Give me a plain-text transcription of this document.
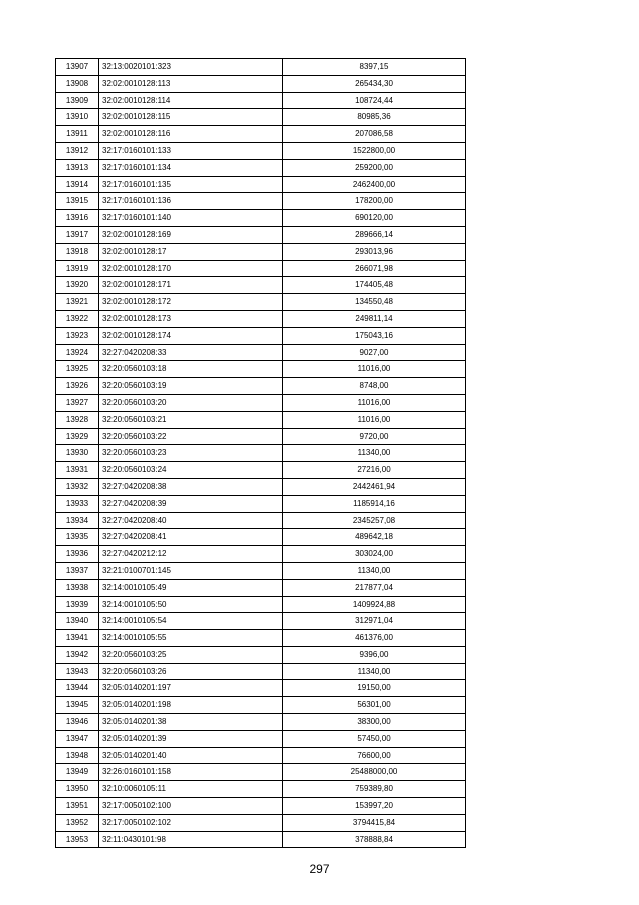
13907	32:13:0020101:323	8397,15
13908	32:02:0010128:113	265434,30
13909	32:02:0010128:114	108724,44
13910	32:02:0010128:115	80985,36
13911	32:02:0010128:116	207086,58
13912	32:17:0160101:133	1522800,00
13913	32:17:0160101:134	259200,00
13914	32:17:0160101:135	2462400,00
13915	32:17:0160101:136	178200,00
13916	32:17:0160101:140	690120,00
13917	32:02:0010128:169	289666,14
13918	32:02:0010128:17	293013,96
13919	32:02:0010128:170	266071,98
13920	32:02:0010128:171	174405,48
13921	32:02:0010128:172	134550,48
13922	32:02:0010128:173	249811,14
13923	32:02:0010128:174	175043,16
13924	32:27:0420208:33	9027,00
13925	32:20:0560103:18	11016,00
13926	32:20:0560103:19	8748,00
13927	32:20:0560103:20	11016,00
13928	32:20:0560103:21	11016,00
13929	32:20:0560103:22	9720,00
13930	32:20:0560103:23	11340,00
13931	32:20:0560103:24	27216,00
13932	32:27:0420208:38	2442461,94
13933	32:27:0420208:39	1185914,16
13934	32:27:0420208:40	2345257,08
13935	32:27:0420208:41	489642,18
13936	32:27:0420212:12	303024,00
13937	32:21:0100701:145	11340,00
13938	32:14:0010105:49	217877,04
13939	32:14:0010105:50	1409924,88
13940	32:14:0010105:54	312971,04
13941	32:14:0010105:55	461376,00
13942	32:20:0560103:25	9396,00
13943	32:20:0560103:26	11340,00
13944	32:05:0140201:197	19150,00
13945	32:05:0140201:198	56301,00
13946	32:05:0140201:38	38300,00
13947	32:05:0140201:39	57450,00
13948	32:05:0140201:40	76600,00
13949	32:26:0160101:158	25488000,00
13950	32:10:0060105:11	759389,80
13951	32:17:0050102:100	153997,20
13952	32:17:0050102:102	3794415,84
13953	32:11:0430101:98	378888,84
297
